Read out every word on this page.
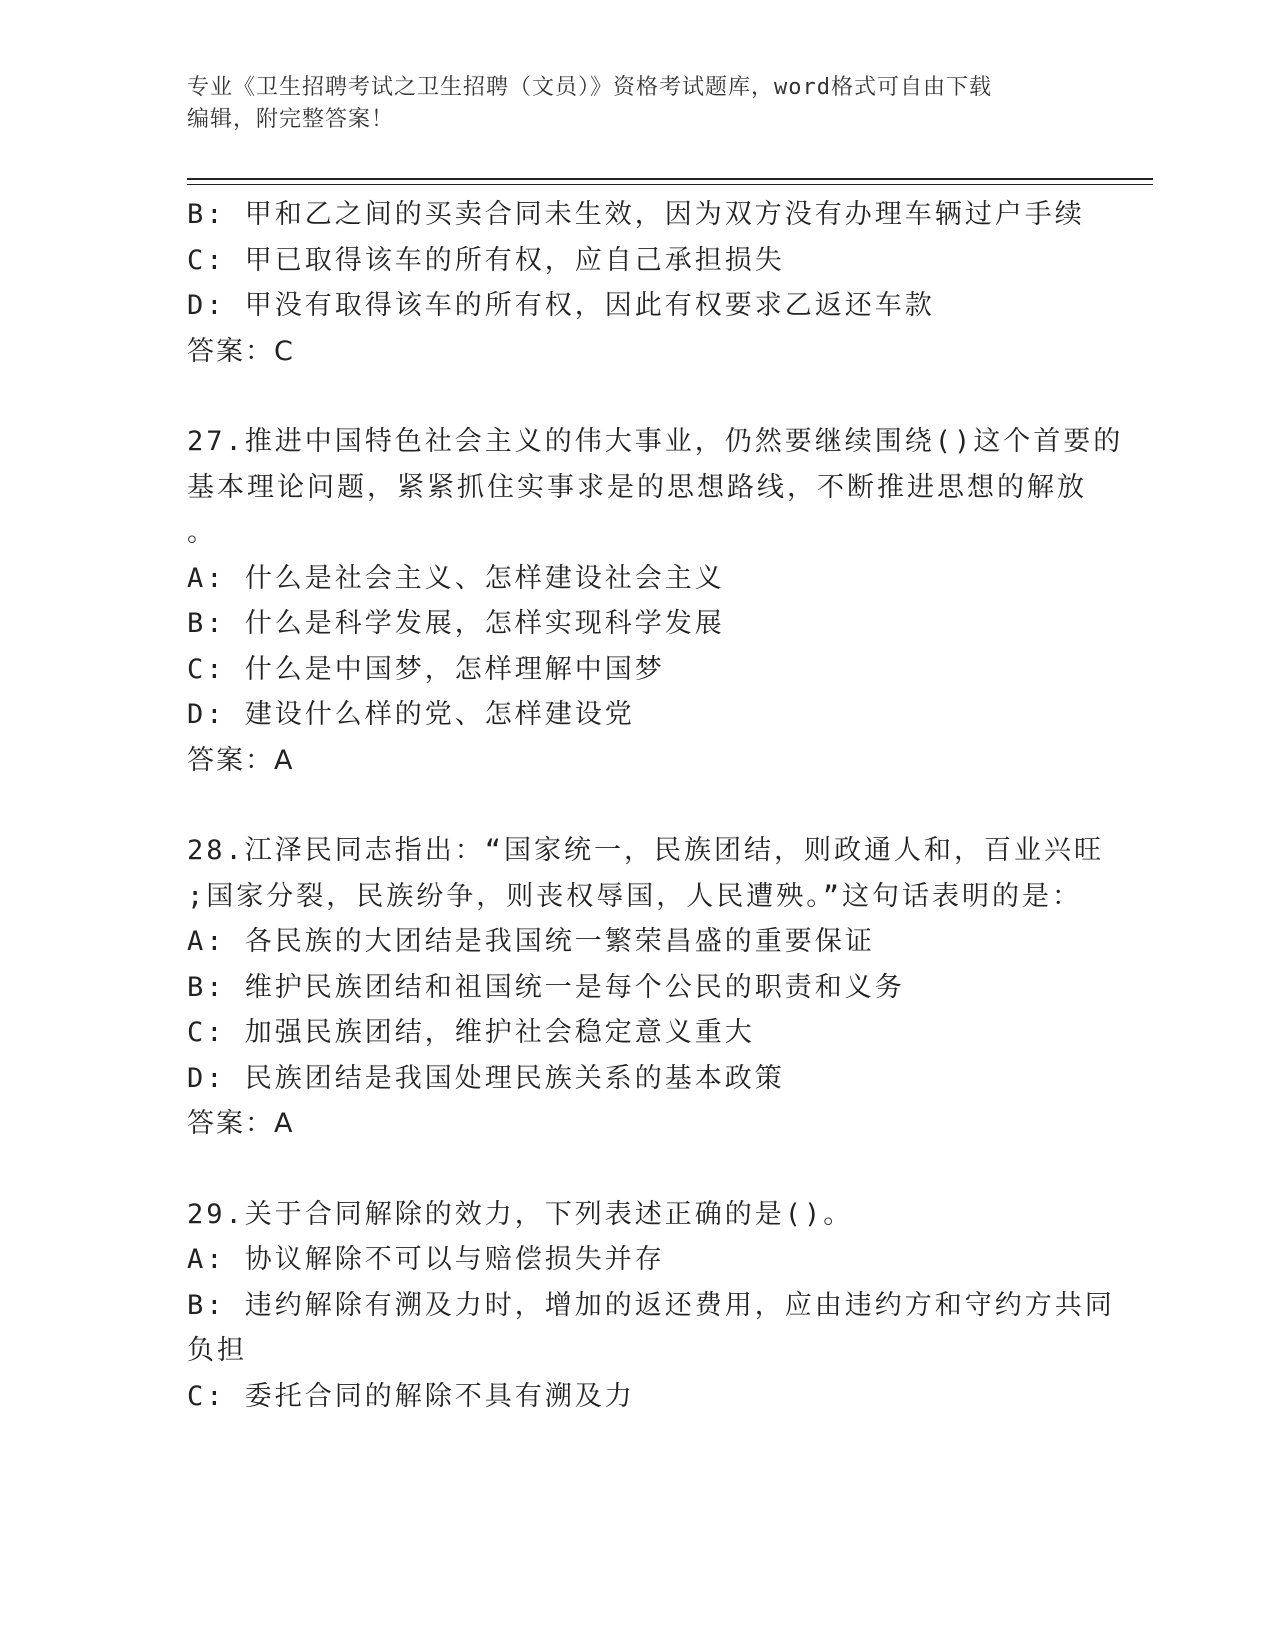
专业《卫生招聘考试之卫生招聘（文员）》资格考试题库，word格式可自由下载
编辑，附完整答案！
B: 甲和乙之间的买卖合同未生效，因为双方没有办理车辆过户手续
C: 甲已取得该车的所有权，应自己承担损失
D: 甲没有取得该车的所有权，因此有权要求乙返还车款
答案：C
27.推进中国特色社会主义的伟大事业，仍然要继续围绕()这个首要的
基本理论问题，紧紧抓住实事求是的思想路线，不断推进思想的解放
。
A: 什么是社会主义、怎样建设社会主义
B: 什么是科学发展，怎样实现科学发展
C: 什么是中国梦，怎样理解中国梦
D: 建设什么样的党、怎样建设党
答案：A
28.江泽民同志指出：“国家统一，民族团结，则政通人和，百业兴旺
;国家分裂，民族纷争，则丧权辱国，人民遭殃。”这句话表明的是：
A: 各民族的大团结是我国统一繁荣昌盛的重要保证
B: 维护民族团结和祖国统一是每个公民的职责和义务
C: 加强民族团结，维护社会稳定意义重大
D: 民族团结是我国处理民族关系的基本政策
答案：A
29.关于合同解除的效力，下列表述正确的是()。
A: 协议解除不可以与赔偿损失并存
B: 违约解除有溯及力时，增加的返还费用，应由违约方和守约方共同
负担
C: 委托合同的解除不具有溯及力
